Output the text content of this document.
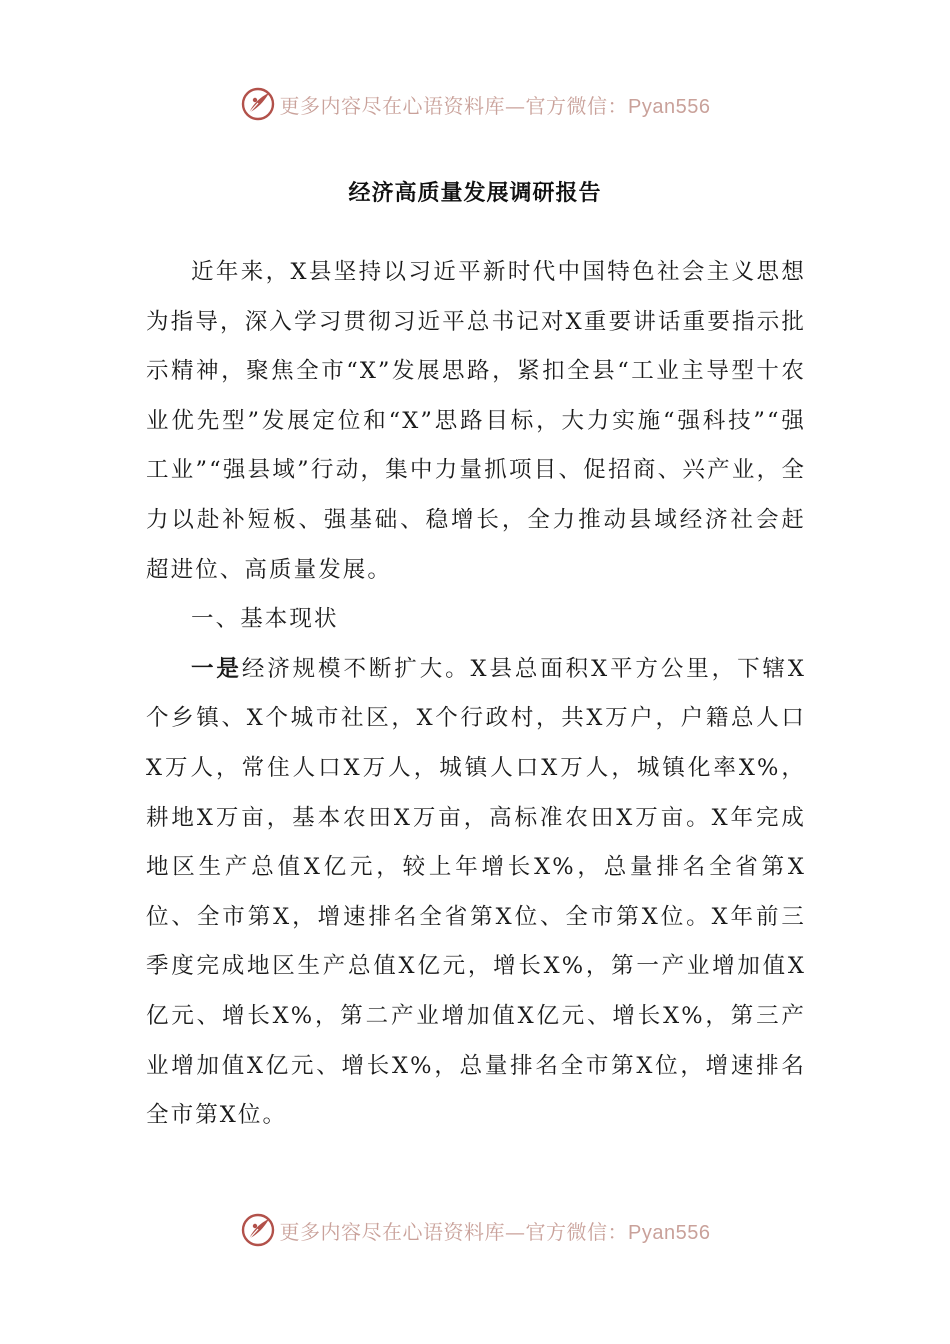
更多内容尽在心语资料库—官方微信：Pyan556
经济高质量发展调研报告

近年来，X县坚持以习近平新时代中国特色社会主义思想为指导，深入学习贯彻习近平总书记对X重要讲话重要指示批示精神，聚焦全市“X”发展思路，紧扣全县“工业主导型十农业优先型”发展定位和“X”思路目标，大力实施“强科技”“强工业”“强县域”行动，集中力量抓项目、促招商、兴产业，全力以赴补短板、强基础、稳增长，全力推动县域经济社会赶超进位、高质量发展。

一、基本现状

一是经济规模不断扩大。X县总面积X平方公里，下辖X个乡镇、X个城市社区，X个行政村，共X万户，户籍总人口X万人，常住人口X万人，城镇人口X万人，城镇化率X%，耕地X万亩，基本农田X万亩，高标准农田X万亩。X年完成地区生产总值X亿元，较上年增长X%，总量排名全省第X位、全市第X，增速排名全省第X位、全市第X位。X年前三季度完成地区生产总值X亿元，增长X%，第一产业增加值X亿元、增长X%，第二产业增加值X亿元、增长X%，第三产业增加值X亿元、增长X%，总量排名全市第X位，增速排名全市第X位。

更多内容尽在心语资料库—官方微信：Pyan556
